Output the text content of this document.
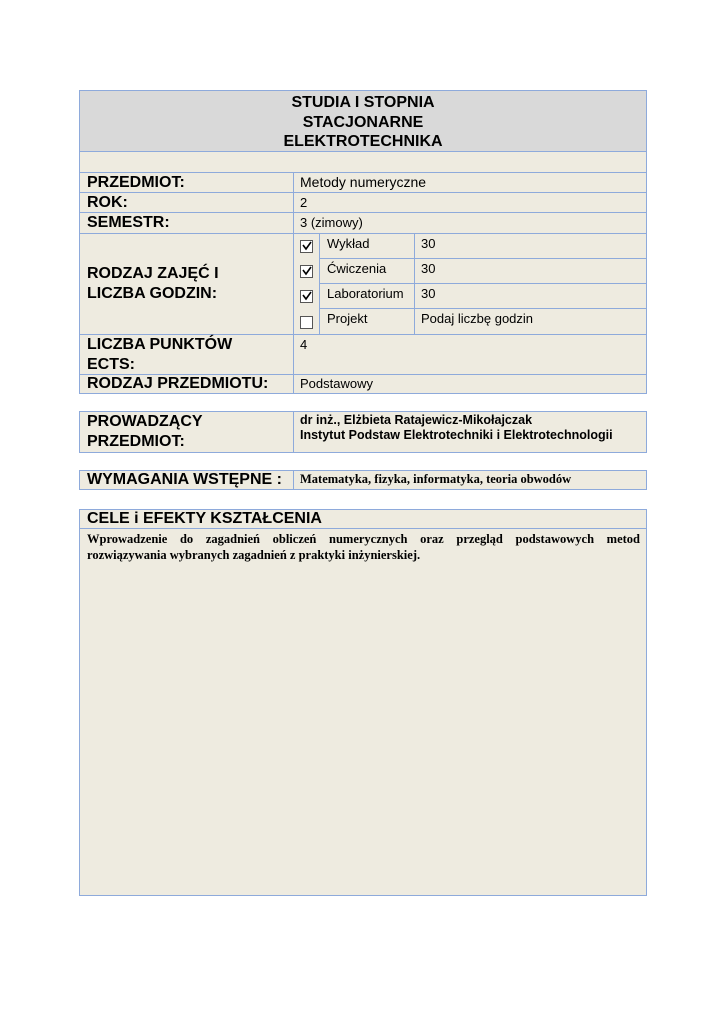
STUDIA I STOPNIA
STACJONARNE
ELEKTROTECHNIKA
PRZEDMIOT:	Metody numeryczne
ROK:	2
SEMESTR:	3 (zimowy)
RODZAJ ZAJĘĆ I
LICZBA GODZIN:
Wykład	30
Ćwiczenia	30
Laboratorium	30
Projekt	Podaj liczbę godzin
LICZBA PUNKTÓW
ECTS:
4
RODZAJ PRZEDMIOTU:	Podstawowy
PROWADZĄCY
PRZEDMIOT:
dr inż., Elżbieta Ratajewicz-Mikołajczak
Instytut Podstaw Elektrotechniki i Elektrotechnologii
WYMAGANIA WSTĘPNE :	Matematyka, fizyka, informatyka, teoria obwodów
CELE i EFEKTY KSZTAŁCENIA
Wprowadzenie do zagadnień obliczeń numerycznych oraz przegląd podstawowych metod
rozwiązywania wybranych zagadnień z praktyki inżynierskiej.
